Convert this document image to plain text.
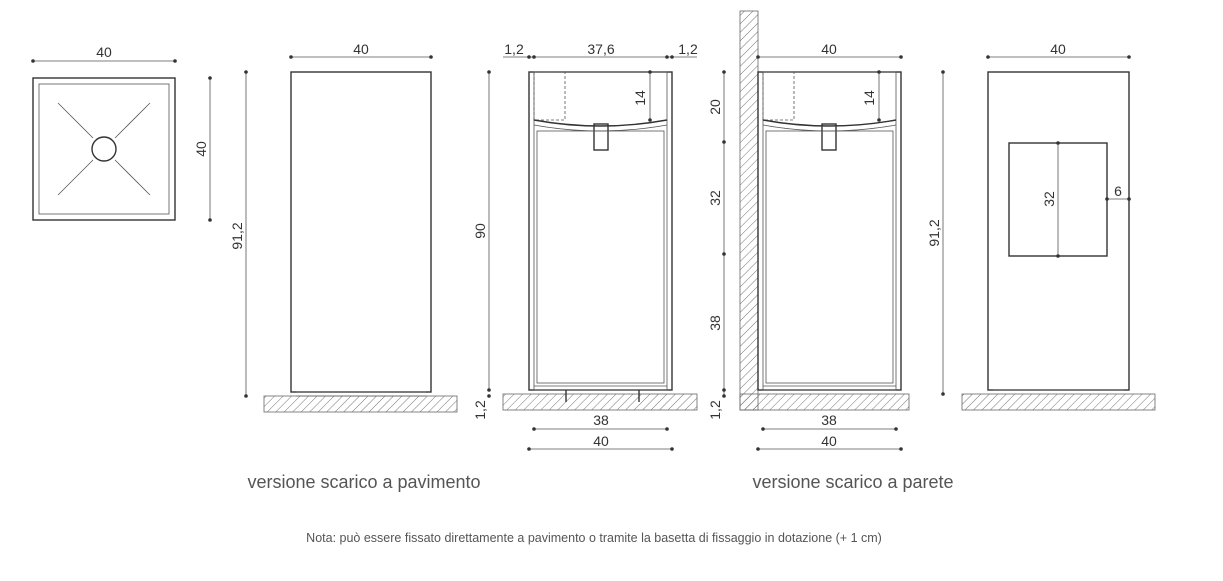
40
40
40
91,2
1,2	37,6	1,2
14
90
1,2
38
40
40
14
20
32
38
1,2
38
40
32	6
40
91,2
versione scarico a pavimento	versione scarico a parete
Nota: può essere fissato direttamente a pavimento o tramite la basetta di fissaggio in dotazione (+ 1 cm)
